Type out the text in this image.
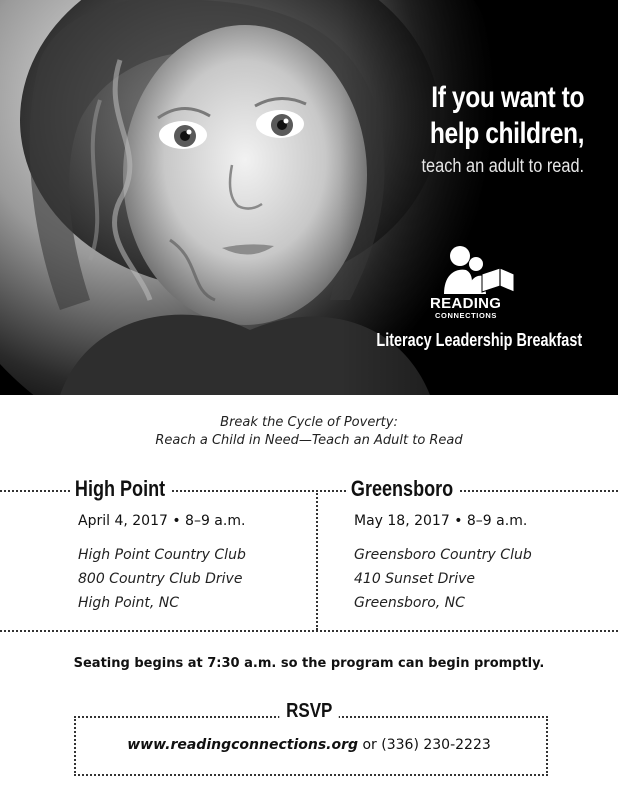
If you want to
help children,
teach an adult to read.
READING
CONNECTIONS
Literacy Leadership Breakfast
Break the Cycle of Poverty:
Reach a Child in Need—Teach an Adult to Read
High Point
April 4, 2017 • 8–9 a.m.
High Point Country Club
800 Country Club Drive
High Point, NC
Greensboro
May 18, 2017 • 8–9 a.m.
Greensboro Country Club
410 Sunset Drive
Greensboro, NC
Seating begins at 7:30 a.m. so the program can begin promptly.
RSVP
www.readingconnections.org or (336) 230-2223
